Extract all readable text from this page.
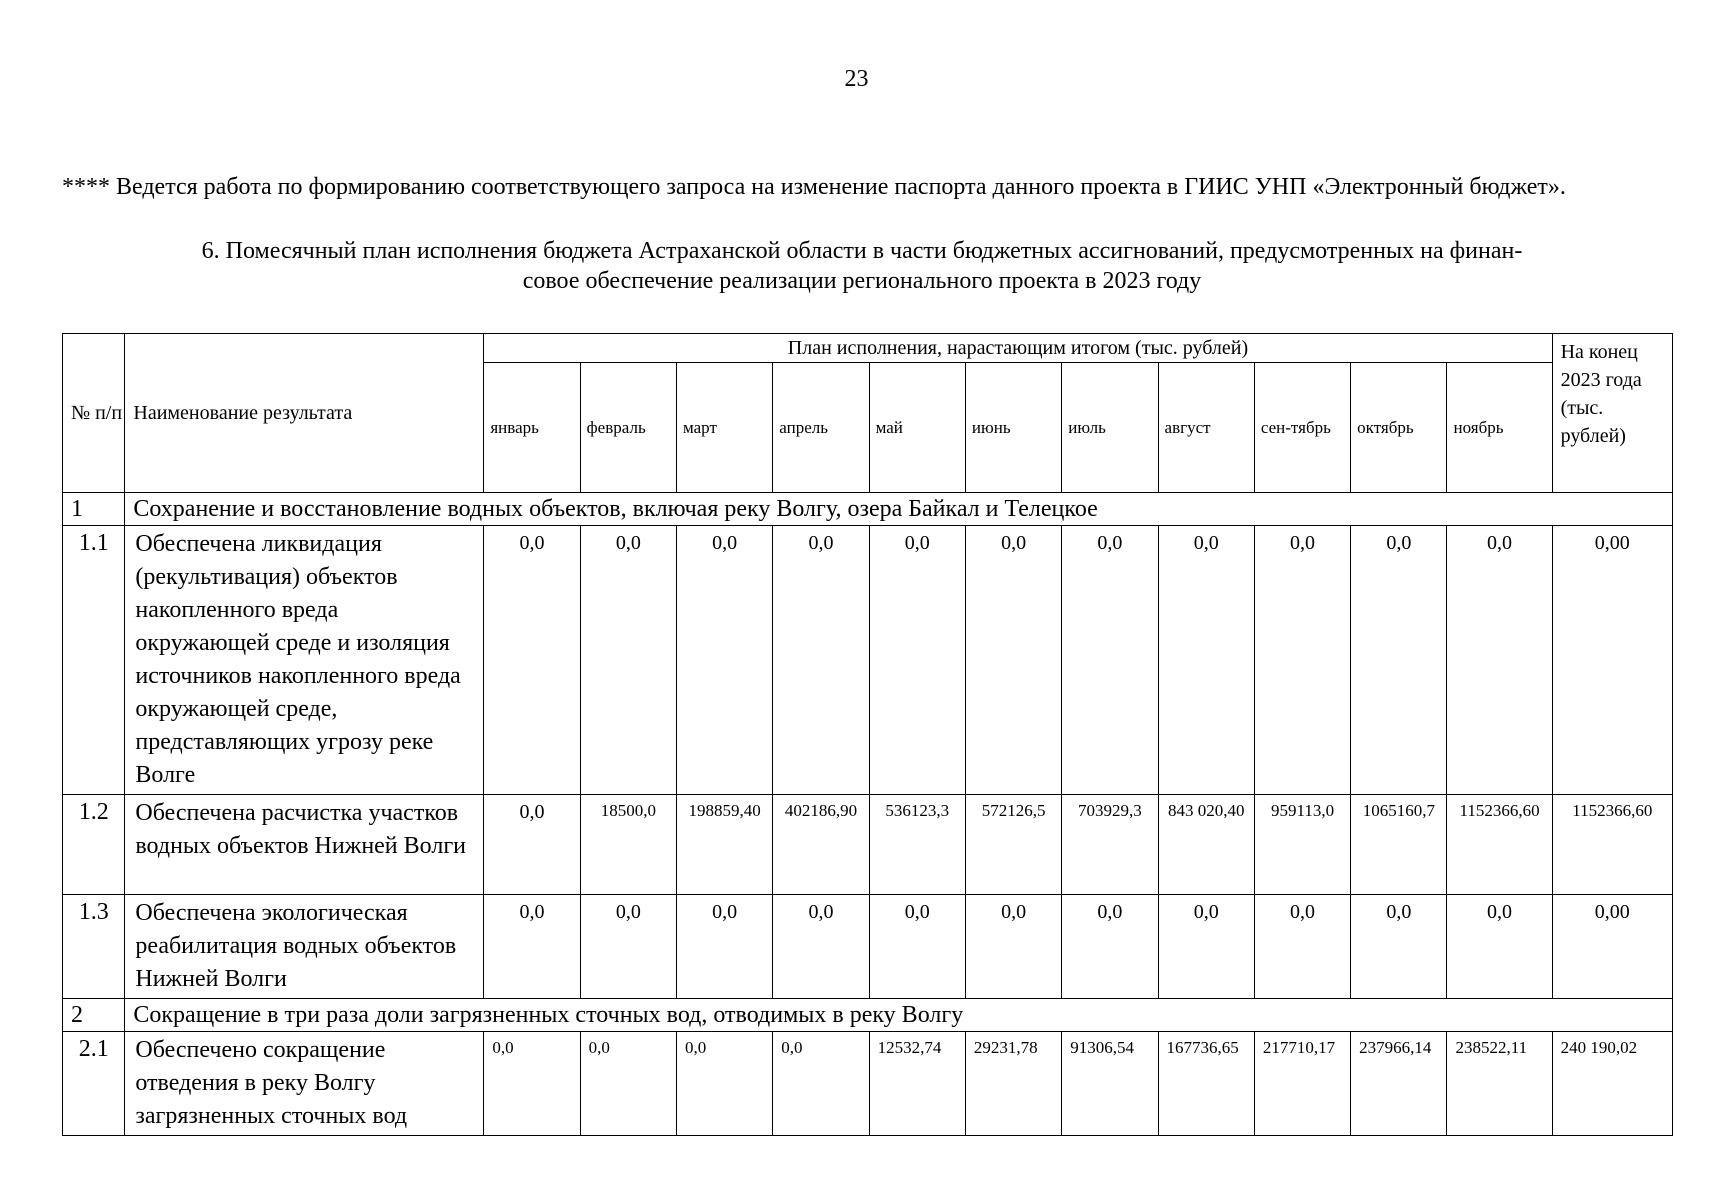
23
**** Ведется работа по формированию соответствующего запроса на изменение паспорта данного проекта в ГИИС УНП «Электронный бюджет».
6. Помесячный план исполнения бюджета Астраханской области в части бюджетных ассигнований, предусмотренных на финан-
совое обеспечение реализации регионального проекта в 2023 году
№ п/п	Наименование результата	План исполнения, нарастающим итогом (тыс. рублей)											На конец 2023 года (тыс. рублей)
		январь	февраль	март	апрель	май	июнь	июль	август	сен-тябрь	октябрь	ноябрь	
1	Сохранение и восстановление водных объектов, включая реку Волгу, озера Байкал и Телецкое												
1.1	Обеспечена ликвидация (рекультивация) объектов накопленного вреда окружающей среде и изоляция источников накопленного вреда окружающей среде, представляющих угрозу реке Волге	0,0	0,0	0,0	0,0	0,0	0,0	0,0	0,0	0,0	0,0	0,0	0,00
1.2	Обеспечена расчистка участков водных объектов Нижней Волги	0,0	18500,0	198859,40	402186,90	536123,3	572126,5	703929,3	843 020,40	959113,0	1065160,7	1152366,60	1152366,60
1.3	Обеспечена экологическая реабилитация водных объектов Нижней Волги	0,0	0,0	0,0	0,0	0,0	0,0	0,0	0,0	0,0	0,0	0,0	0,00
2	Сокращение в три раза доли загрязненных сточных вод, отводимых в реку Волгу												
2.1	Обеспечено сокращение отведения в реку Волгу загрязненных сточных вод	0,0	0,0	0,0	0,0	12532,74	29231,78	91306,54	167736,65	217710,17	237966,14	238522,11	240 190,02
